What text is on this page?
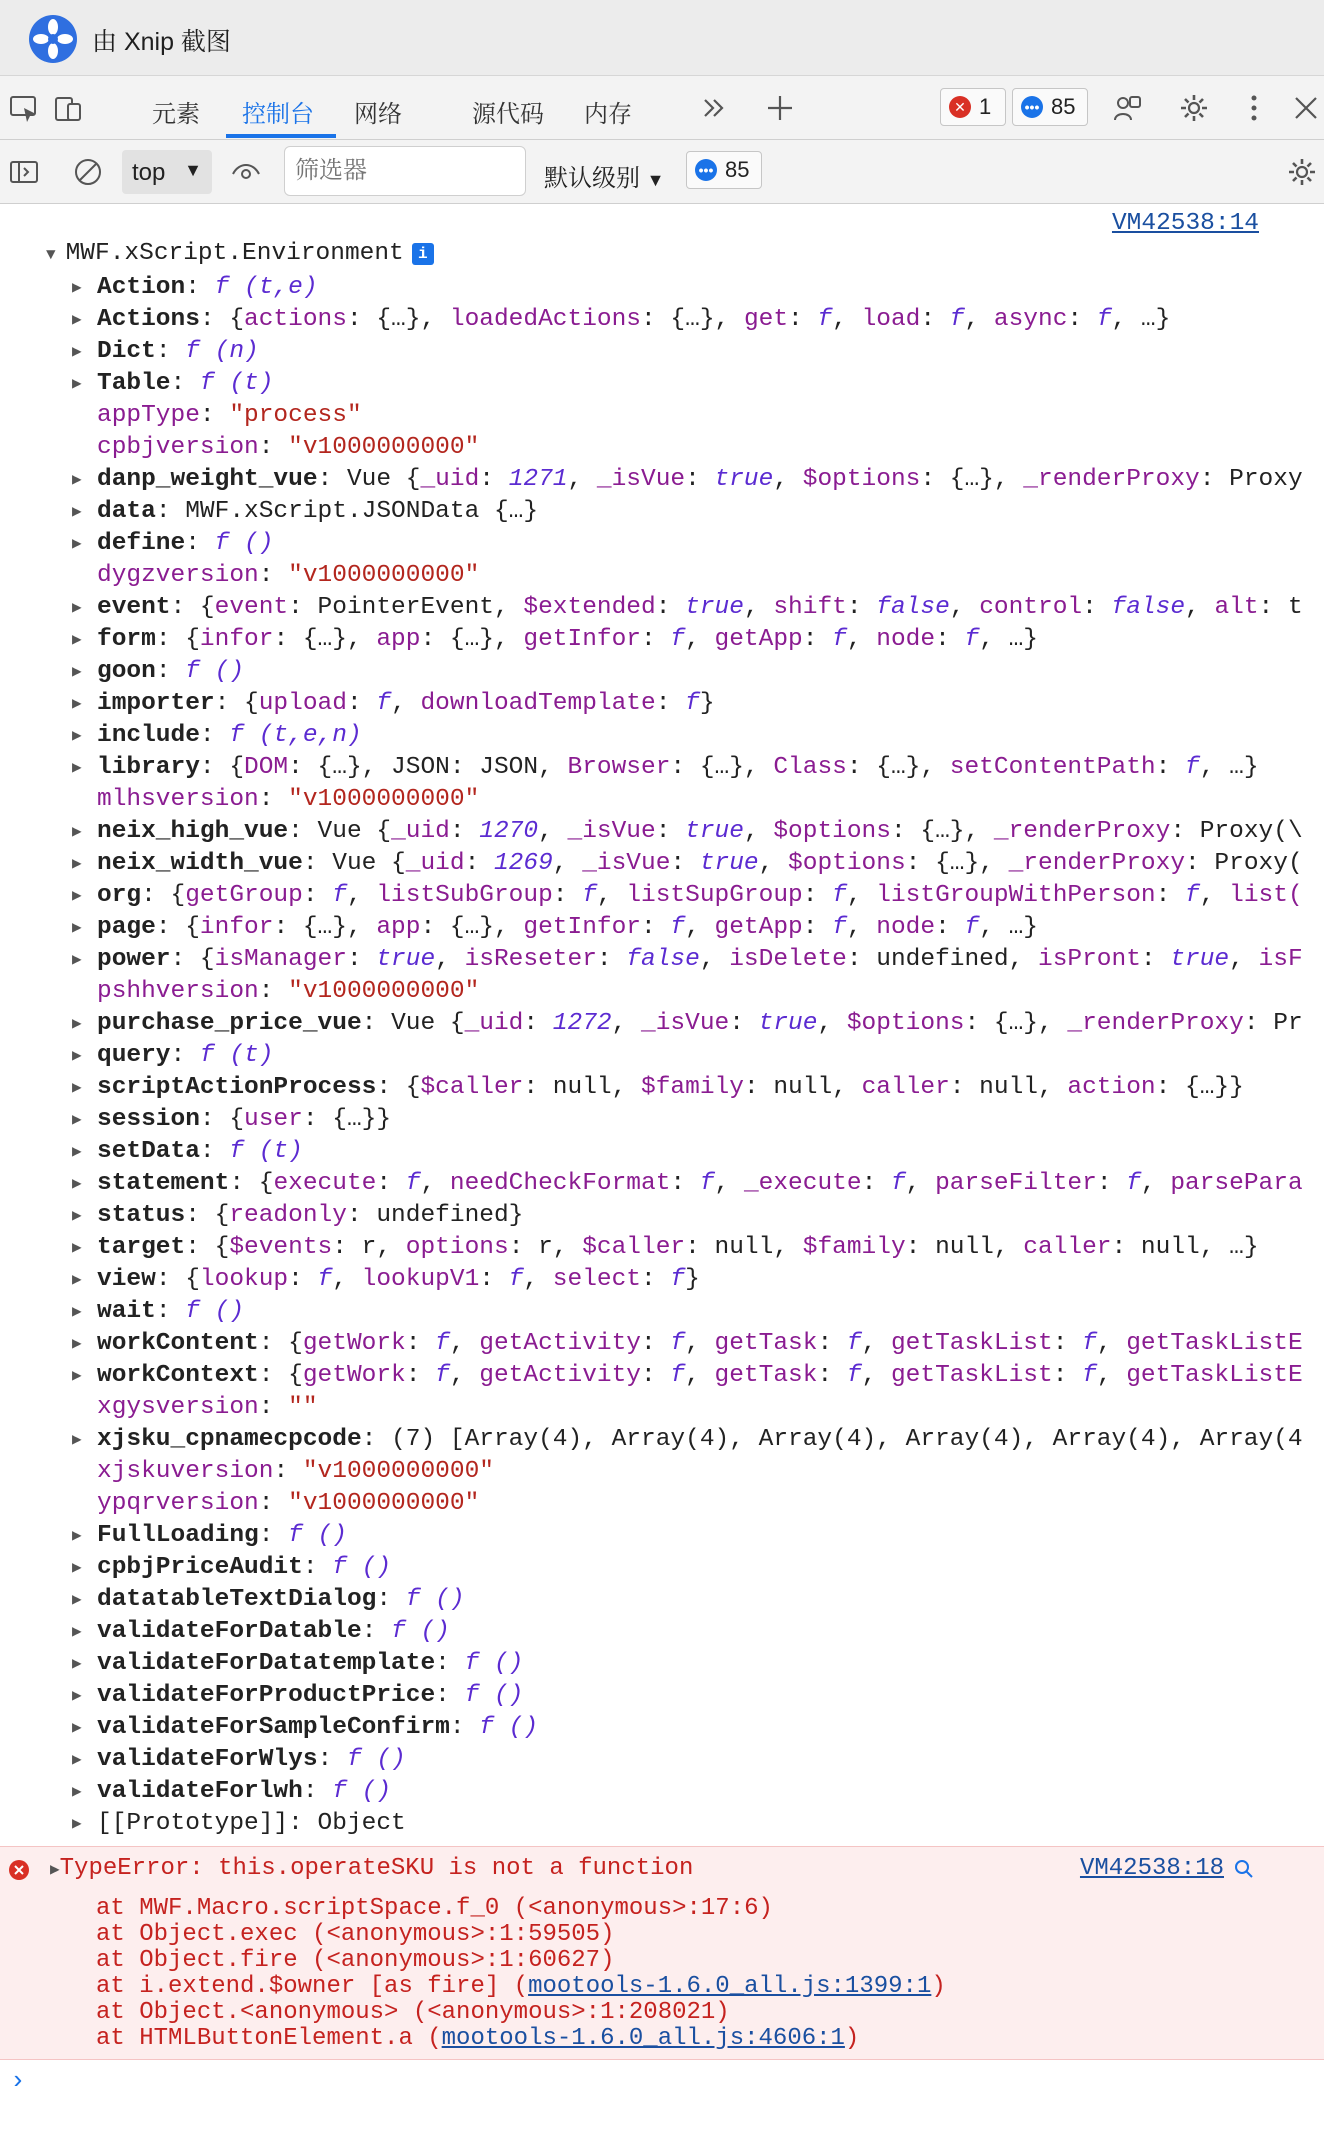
由 Xnip 截图
元素 控制台 网络	源代码 内存	✕ 1 ••• 85
top ▼
筛选器	默认级别 ▼ ••• 85
VM42538:14
▼ MWF.xScript.Environment i
▶ Action: f (t,e)
▶ Actions: {actions: {…}, loadedActions: {…}, get: f, load: f, async: f, …}
▶ Dict: f (n)
▶ Table: f (t)
appType: "process"
cpbjversion: "v1000000000"
▶ danp_weight_vue: Vue {_uid: 1271, _isVue: true, $options: {…}, _renderProxy: Proxy
▶ data: MWF.xScript.JSONData {…}
▶ define: f ()
dygzversion: "v1000000000"
▶ event: {event: PointerEvent, $extended: true, shift: false, control: false, alt: t
▶ form: {infor: {…}, app: {…}, getInfor: f, getApp: f, node: f, …}
▶ goon: f ()
▶ importer: {upload: f, downloadTemplate: f}
▶ include: f (t,e,n)
▶ library: {DOM: {…}, JSON: JSON, Browser: {…}, Class: {…}, setContentPath: f, …}
mlhsversion: "v1000000000"
▶ neix_high_vue: Vue {_uid: 1270, _isVue: true, $options: {…}, _renderProxy: Proxy(\
▶ neix_width_vue: Vue {_uid: 1269, _isVue: true, $options: {…}, _renderProxy: Proxy(
▶ org: {getGroup: f, listSubGroup: f, listSupGroup: f, listGroupWithPerson: f, list(
▶ page: {infor: {…}, app: {…}, getInfor: f, getApp: f, node: f, …}
▶ power: {isManager: true, isReseter: false, isDelete: undefined, isPront: true, isF
pshhversion: "v1000000000"
▶ purchase_price_vue: Vue {_uid: 1272, _isVue: true, $options: {…}, _renderProxy: Pr
▶ query: f (t)
▶ scriptActionProcess: {$caller: null, $family: null, caller: null, action: {…}}
▶ session: {user: {…}}
▶ setData: f (t)
▶ statement: {execute: f, needCheckFormat: f, _execute: f, parseFilter: f, parsePara
▶ status: {readonly: undefined}
▶ target: {$events: r, options: r, $caller: null, $family: null, caller: null, …}
▶ view: {lookup: f, lookupV1: f, select: f}
▶ wait: f ()
▶ workContent: {getWork: f, getActivity: f, getTask: f, getTaskList: f, getTaskListE
▶ workContext: {getWork: f, getActivity: f, getTask: f, getTaskList: f, getTaskListE
xgysversion: ""
▶ xjsku_cpnamecpcode: (7) [Array(4), Array(4), Array(4), Array(4), Array(4), Array(4
xjskuversion: "v1000000000"
ypqrversion: "v1000000000"
▶ FullLoading: f ()
▶ cpbjPriceAudit: f ()
▶ datatableTextDialog: f ()
▶ validateForDatable: f ()
▶ validateForDatatemplate: f ()
▶ validateForProductPrice: f ()
▶ validateForSampleConfirm: f ()
▶ validateForWlys: f ()
▶ validateForlwh: f ()
▶ [[Prototype]]: Object
▶TypeError: this.operateSKU is not a function	VM42538:18
at MWF.Macro.scriptSpace.f_0 (<anonymous>:17:6)
at Object.exec (<anonymous>:1:59505)
at Object.fire (<anonymous>:1:60627)
at i.extend.$owner [as fire] (mootools-1.6.0_all.js:1399:1)
at Object.<anonymous> (<anonymous>:1:208021)
at HTMLButtonElement.a (mootools-1.6.0_all.js:4606:1)
›
